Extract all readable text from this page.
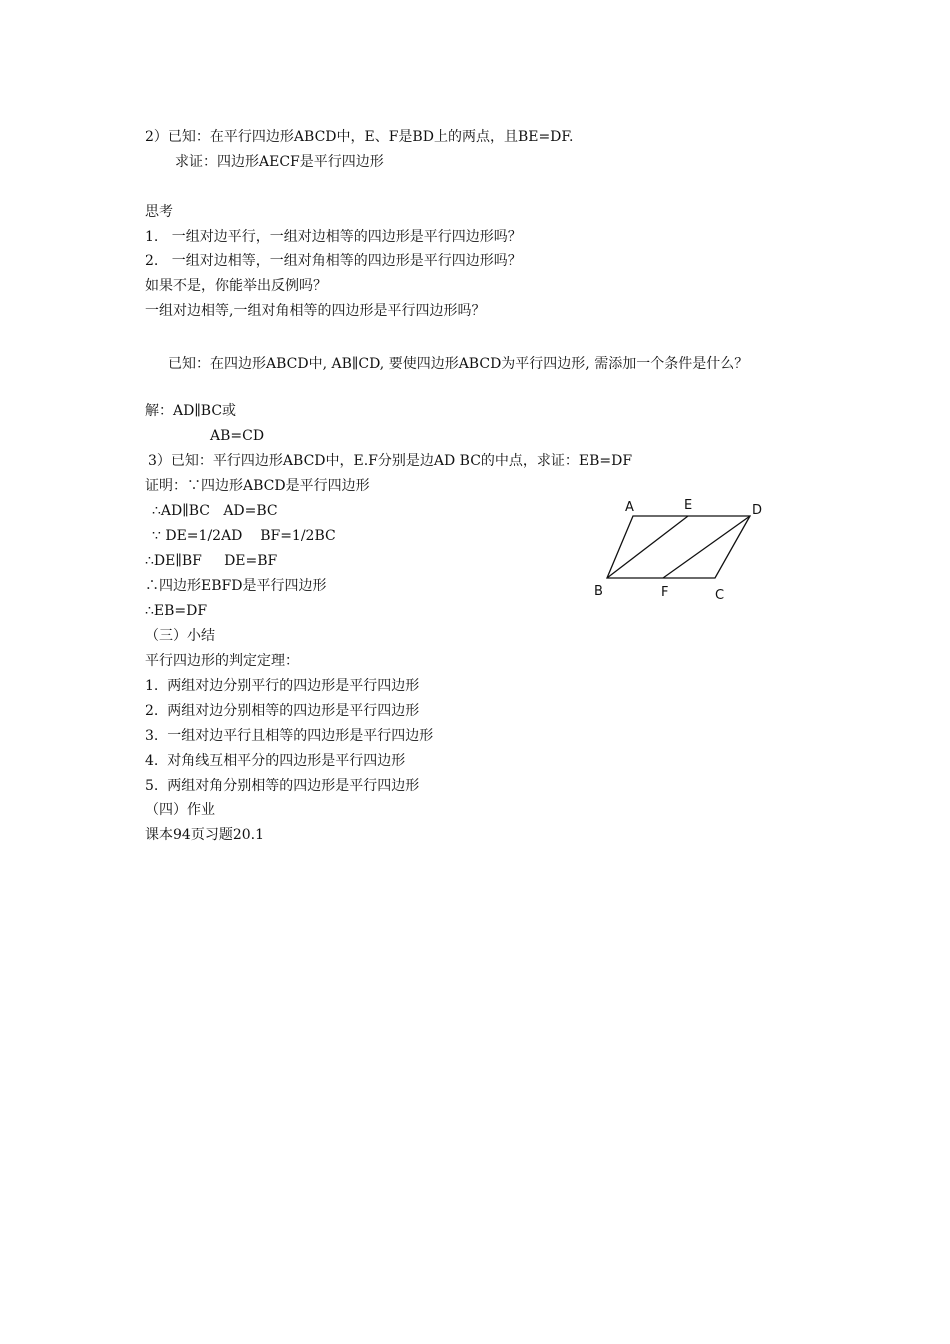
2）已知：在平行四边形ABCD中，E、F是BD上的两点，且BE=DF.
求证：四边形AECF是平行四边形
思考
1.   一组对边平行，一组对边相等的四边形是平行四边形吗？
2.   一组对边相等，一组对角相等的四边形是平行四边形吗？
如果不是，你能举出反例吗？
一组对边相等,一组对角相等的四边形是平行四边形吗？
已知：在四边形ABCD中, AB∥CD, 要使四边形ABCD为平行四边形, 需添加一个条件是什么？
解：AD∥BC或
AB=CD
3）已知：平行四边形ABCD中，E.F分别是边AD BC的中点，求证：EB=DF
证明：∵四边形ABCD是平行四边形
∴AD∥BC   AD=BC
∵ DE=1/2AD    BF=1/2BC
∴DE∥BF     DE=BF
∴四边形EBFD是平行四边形
∴EB=DF
A	E	D
B	F	C
（三）小结
平行四边形的判定定理：
1.  两组对边分别平行的四边形是平行四边形
2.  两组对边分别相等的四边形是平行四边形
3.  一组对边平行且相等的四边形是平行四边形
4.  对角线互相平分的四边形是平行四边形
5.  两组对角分别相等的四边形是平行四边形
（四）作业
课本94页习题20.1
